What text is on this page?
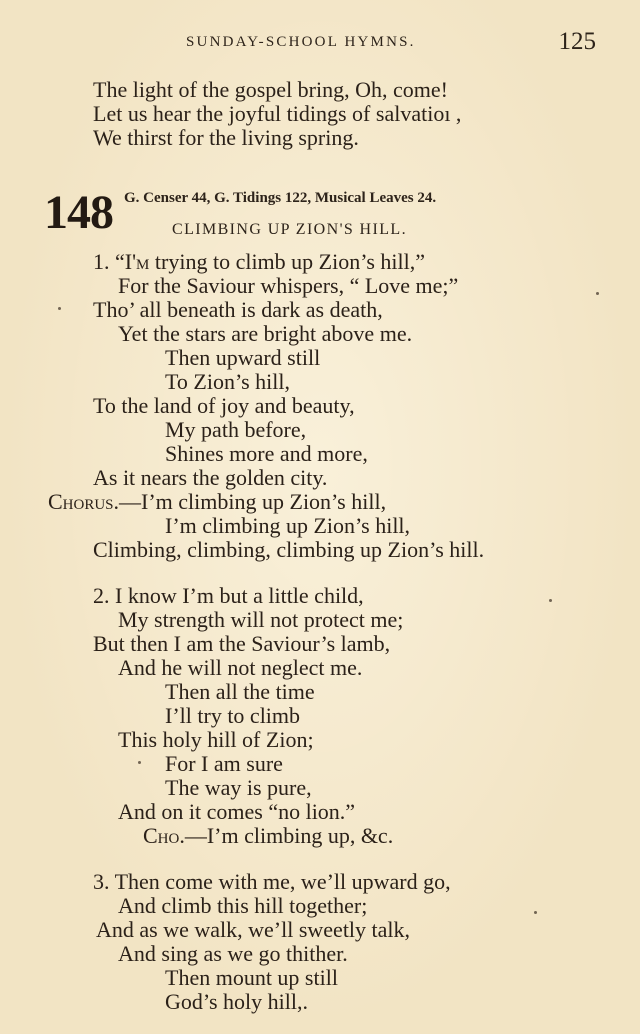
SUNDAY-SCHOOL HYMNS.	125
The light of the gospel bring, Oh, come!
Let us hear the joyful tidings of salvatioı ,
We thirst for the living spring.
148 G. Censer 44, G. Tidings 122, Musical Leaves 24.
CLIMBING UP ZION'S HILL.
1. “I'm trying to climb up Zion’s hill,”
For the Saviour whispers, “ Love me;”
Tho’ all beneath is dark as death,
Yet the stars are bright above me.
Then upward still
To Zion’s hill,
To the land of joy and beauty,
My path before,
Shines more and more,
As it nears the golden city.
Chorus.—I’m climbing up Zion’s hill,
I’m climbing up Zion’s hill,
Climbing, climbing, climbing up Zion’s hill.
2. I know I’m but a little child,
My strength will not protect me;
But then I am the Saviour’s lamb,
And he will not neglect me.
Then all the time
I’ll try to climb
This holy hill of Zion;
For I am sure
The way is pure,
And on it comes “no lion.”
Cho.—I’m climbing up, &c.
3. Then come with me, we’ll upward go,
And climb this hill together;
And as we walk, we’ll sweetly talk,
And sing as we go thither.
Then mount up still
God’s holy hill,.
